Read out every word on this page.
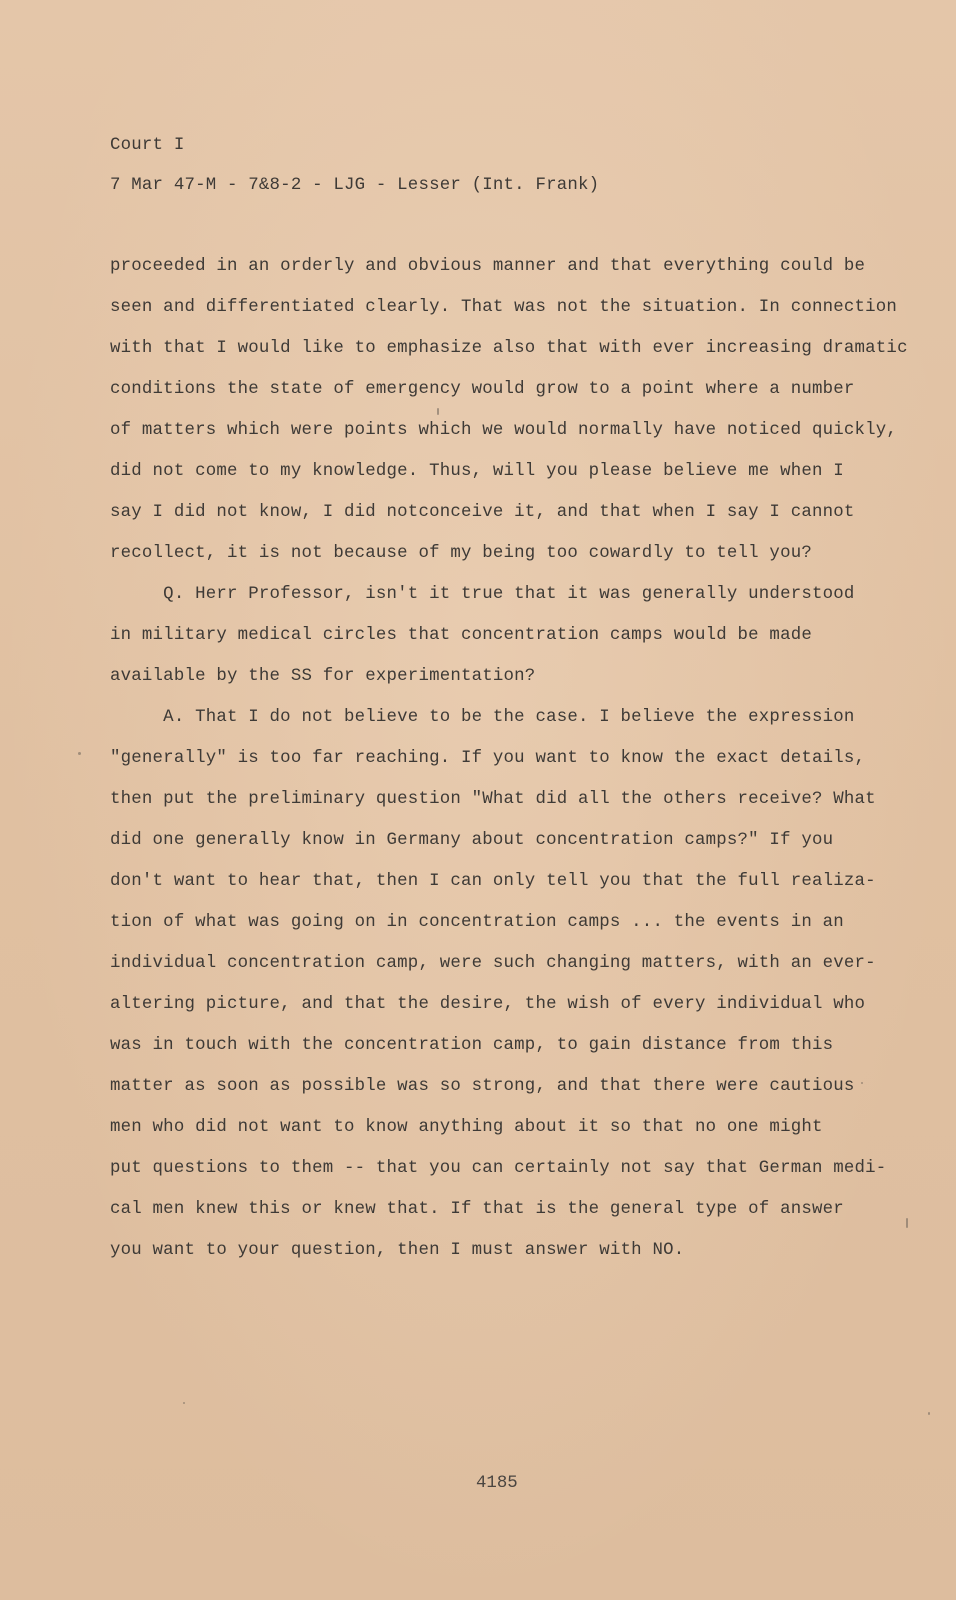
Court I
7 Mar 47-M - 7&8-2 - LJG - Lesser (Int. Frank)
proceeded in an orderly and obvious manner and that everything could be
seen and differentiated clearly. That was not the situation. In connection
with that I would like to emphasize also that with ever increasing dramatic
conditions the state of emergency would grow to a point where a number
of matters which were points which we would normally have noticed quickly,
did not come to my knowledge. Thus, will you please believe me when I
say I did not know, I did notconceive it, and that when I say I cannot
recollect, it is not because of my being too cowardly to tell you?
Q. Herr Professor, isn't it true that it was generally understood
in military medical circles that concentration camps would be made
available by the SS for experimentation?
A. That I do not believe to be the case. I believe the expression
"generally" is too far reaching. If you want to know the exact details,
then put the preliminary question "What did all the others receive? What
did one generally know in Germany about concentration camps?" If you
don't want to hear that, then I can only tell you that the full realiza-
tion of what was going on in concentration camps ... the events in an
individual concentration camp, were such changing matters, with an ever-
altering picture, and that the desire, the wish of every individual who
was in touch with the concentration camp, to gain distance from this
matter as soon as possible was so strong, and that there were cautious
men who did not want to know anything about it so that no one might
put questions to them -- that you can certainly not say that German medi-
cal men knew this or knew that. If that is the general type of answer
you want to your question, then I must answer with NO.
4185
